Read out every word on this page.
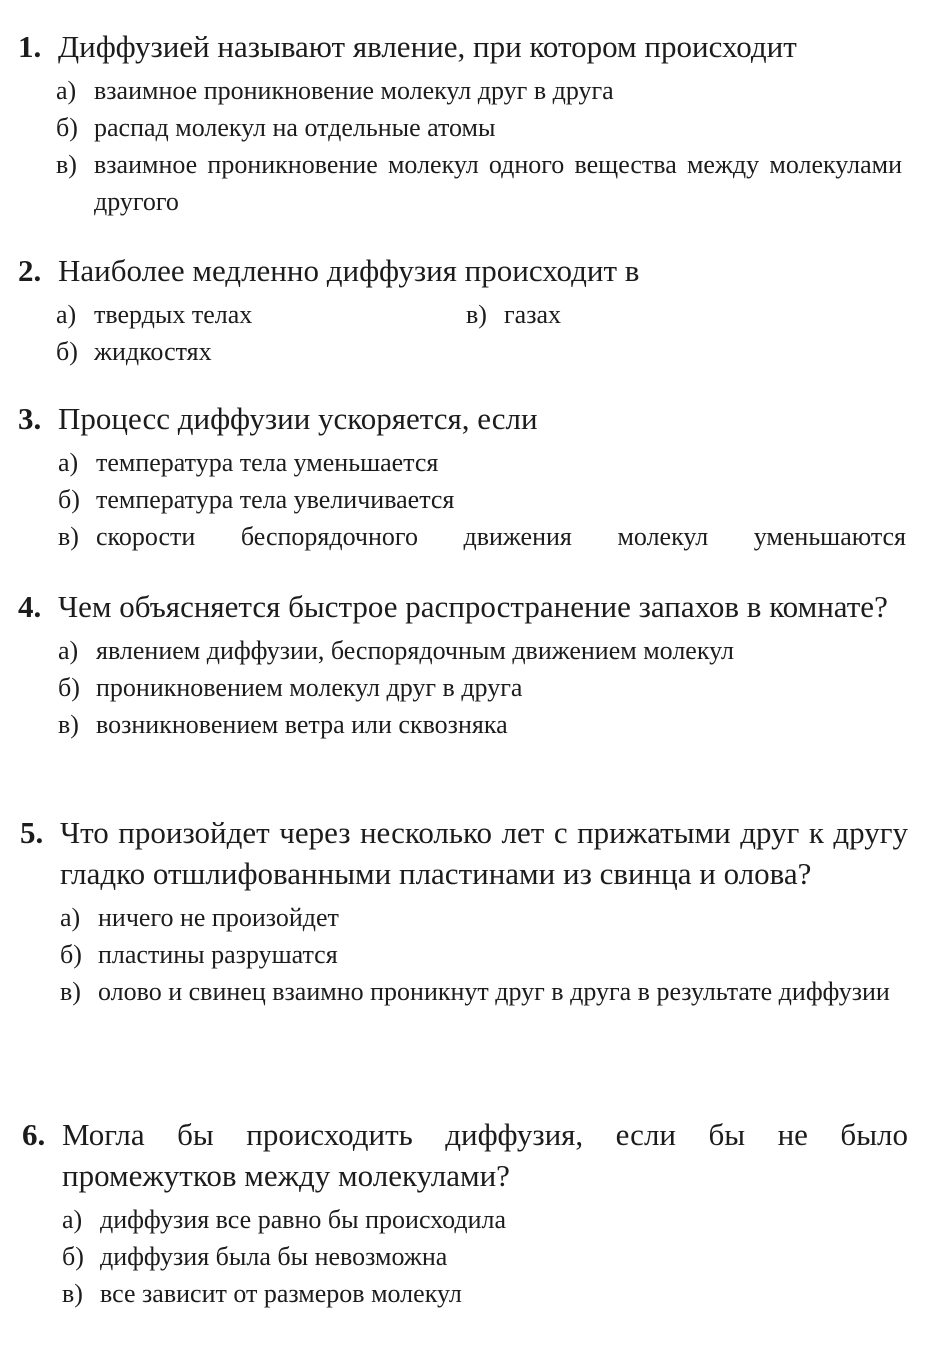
1. Диффузией называют явление, при котором происходит
а) взаимное проникновение молекул друг в друга
б) распад молекул на отдельные атомы
в) взаимное проникновение молекул одного вещества между молекулами другого
2. Наиболее медленно диффузия происходит в
а) твердых телах	в) газах
б) жидкостях
3. Процесс диффузии ускоряется, если
а) температура тела уменьшается
б) температура тела увеличивается
в) скорости беспорядочного движения молекул уменьшаются
4. Чем объясняется быстрое распространение запахов в комнате?
а) явлением диффузии, беспорядочным движением молекул
б) проникновением молекул друг в друга
в) возникновением ветра или сквозняка
5. Что произойдет через несколько лет с прижатыми друг к другу гладко отшлифованными пластинами из свинца и олова?
а) ничего не произойдет
б) пластины разрушатся
в) олово и свинец взаимно проникнут друг в друга в результате диффузии
6. Могла бы происходить диффузия, если бы не было промежутков между молекулами?
а) диффузия все равно бы происходила
б) диффузия была бы невозможна
в) все зависит от размеров молекул
